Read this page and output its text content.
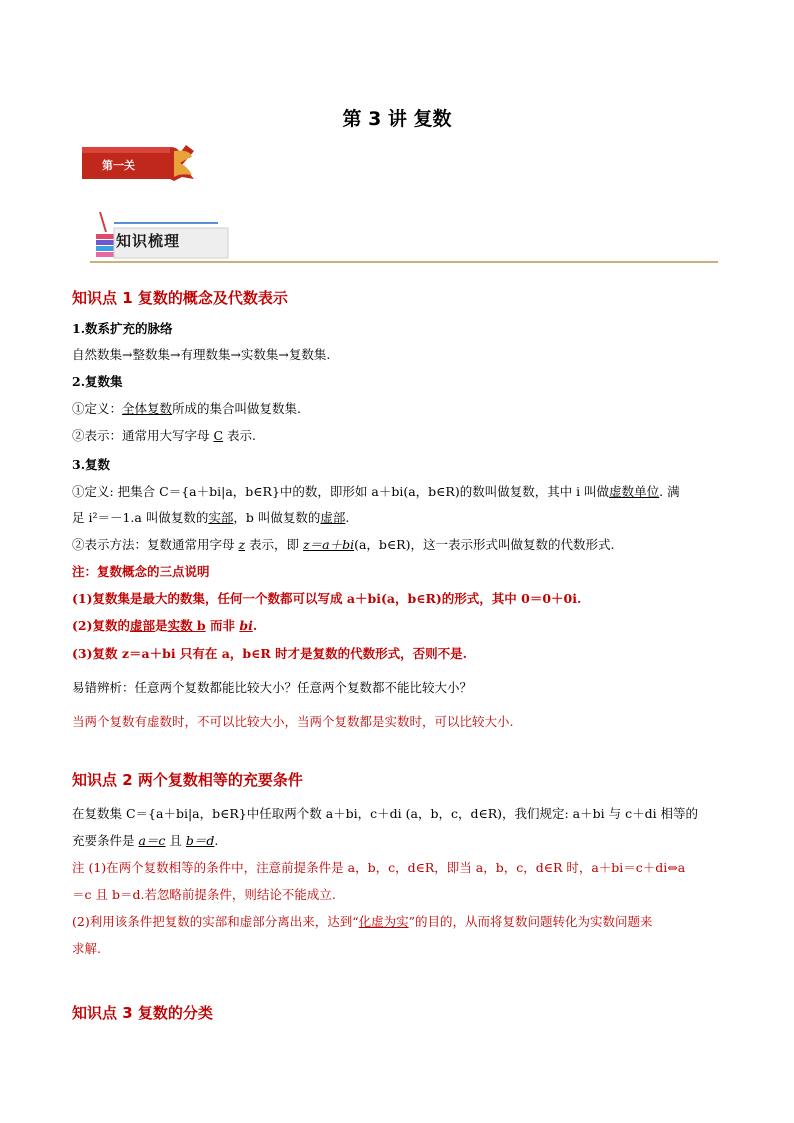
第 3 讲 复数
第一关
知识梳理
知识点 1 复数的概念及代数表示
1.数系扩充的脉络
自然数集→整数集→有理数集→实数集→复数集.
2.复数集
①定义：全体复数所成的集合叫做复数集.
②表示：通常用大写字母 C 表示.
3.复数
①定义: 把集合 C＝{a＋bi|a，b∈R}中的数，即形如 a＋bi(a，b∈R)的数叫做复数，其中 i 叫做虚数单位. 满
足 i²＝－1.a 叫做复数的实部，b 叫做复数的虚部.
②表示方法：复数通常用字母 z 表示，即 z＝a＋bi(a，b∈R)，这一表示形式叫做复数的代数形式.
注：复数概念的三点说明
(1)复数集是最大的数集，任何一个数都可以写成 a＋bi(a，b∈R)的形式，其中 0＝0＋0i.
(2)复数的虚部是实数 b 而非 bi.
(3)复数 z＝a＋bi 只有在 a，b∈R 时才是复数的代数形式，否则不是.
易错辨析：任意两个复数都能比较大小？任意两个复数都不能比较大小？
当两个复数有虚数时，不可以比较大小，当两个复数都是实数时，可以比较大小.
知识点 2 两个复数相等的充要条件
在复数集 C＝{a＋bi|a，b∈R}中任取两个数 a＋bi，c＋di (a，b，c，d∈R)，我们规定: a＋bi 与 c＋di 相等的
充要条件是 a＝c 且 b＝d.
注 (1)在两个复数相等的条件中，注意前提条件是 a，b，c，d∈R，即当 a，b，c，d∈R 时，a＋bi＝c＋di⇔a
＝c 且 b＝d.若忽略前提条件，则结论不能成立.
(2)利用该条件把复数的实部和虚部分离出来，达到“化虚为实”的目的，从而将复数问题转化为实数问题来
求解.
知识点 3 复数的分类
